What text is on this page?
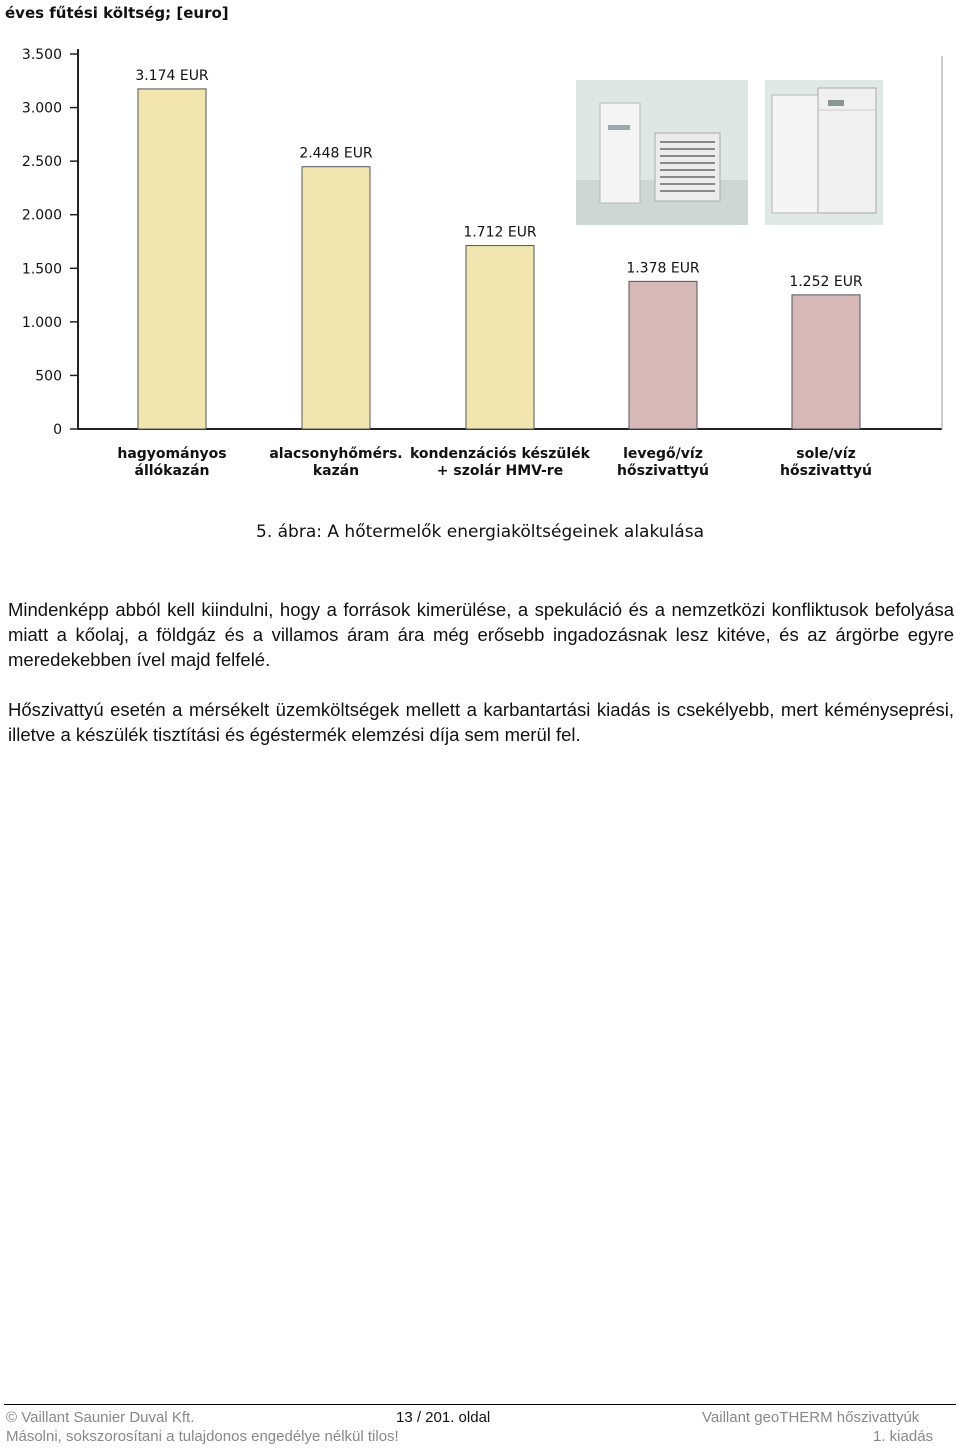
éves fűtési költség; [euro]
0
500
1.000
1.500
2.000
2.500
3.000
3.500
3.174 EUR
hagyományos
állókazán
2.448 EUR
alacsonyhőmérs.
kazán
1.712 EUR
kondenzációs készülék
+ szolár HMV-re
1.378 EUR
levegő/víz
hőszivattyú
1.252 EUR
sole/víz
hőszivattyú
5. ábra: A hőtermelők energiaköltségeinek alakulása

Mindenképp abból kell kiindulni, hogy a források kimerülése, a spekuláció és a nemzetközi konfliktusok befolyása miatt a kőolaj, a földgáz és a villamos áram ára még erősebb ingadozásnak lesz kitéve, és az árgörbe egyre meredekebben ível majd felfelé.

Hőszivattyú esetén a mérsékelt üzemköltségek mellett a karbantartási kiadás is csekélyebb, mert kéményseprési, illetve a készülék tisztítási és égéstermék elemzési díja sem merül fel.

© Vaillant Saunier Duval Kft.	13 / 201. oldal	Vaillant geoTHERM hőszivattyúk
Másolni, sokszorosítani a tulajdonos engedélye nélkül tilos!	1. kiadás
